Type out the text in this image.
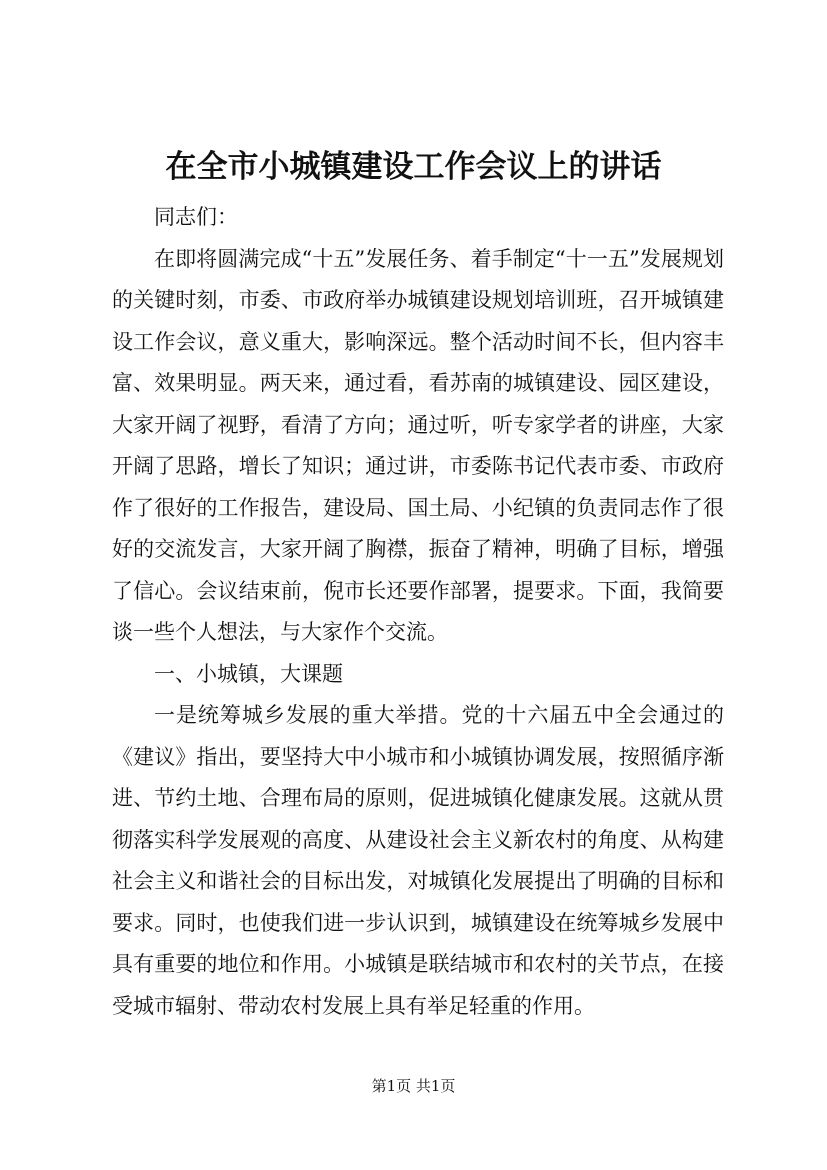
在全市小城镇建设工作会议上的讲话

同志们：

在即将圆满完成“十五”发展任务、着手制定“十一五”发展规划的关键时刻，市委、市政府举办城镇建设规划培训班，召开城镇建设工作会议，意义重大，影响深远。整个活动时间不长，但内容丰富、效果明显。两天来，通过看，看苏南的城镇建设、园区建设，大家开阔了视野，看清了方向；通过听，听专家学者的讲座，大家开阔了思路，增长了知识；通过讲，市委陈书记代表市委、市政府作了很好的工作报告，建设局、国土局、小纪镇的负责同志作了很好的交流发言，大家开阔了胸襟，振奋了精神，明确了目标，增强了信心。会议结束前，倪市长还要作部署，提要求。下面，我简要谈一些个人想法，与大家作个交流。

一、小城镇，大课题

一是统筹城乡发展的重大举措。党的十六届五中全会通过的《建议》指出，要坚持大中小城市和小城镇协调发展，按照循序渐进、节约土地、合理布局的原则，促进城镇化健康发展。这就从贯彻落实科学发展观的高度、从建设社会主义新农村的角度、从构建社会主义和谐社会的目标出发，对城镇化发展提出了明确的目标和要求。同时，也使我们进一步认识到，城镇建设在统筹城乡发展中具有重要的地位和作用。小城镇是联结城市和农村的关节点，在接受城市辐射、带动农村发展上具有举足轻重的作用。

第1页 共1页
